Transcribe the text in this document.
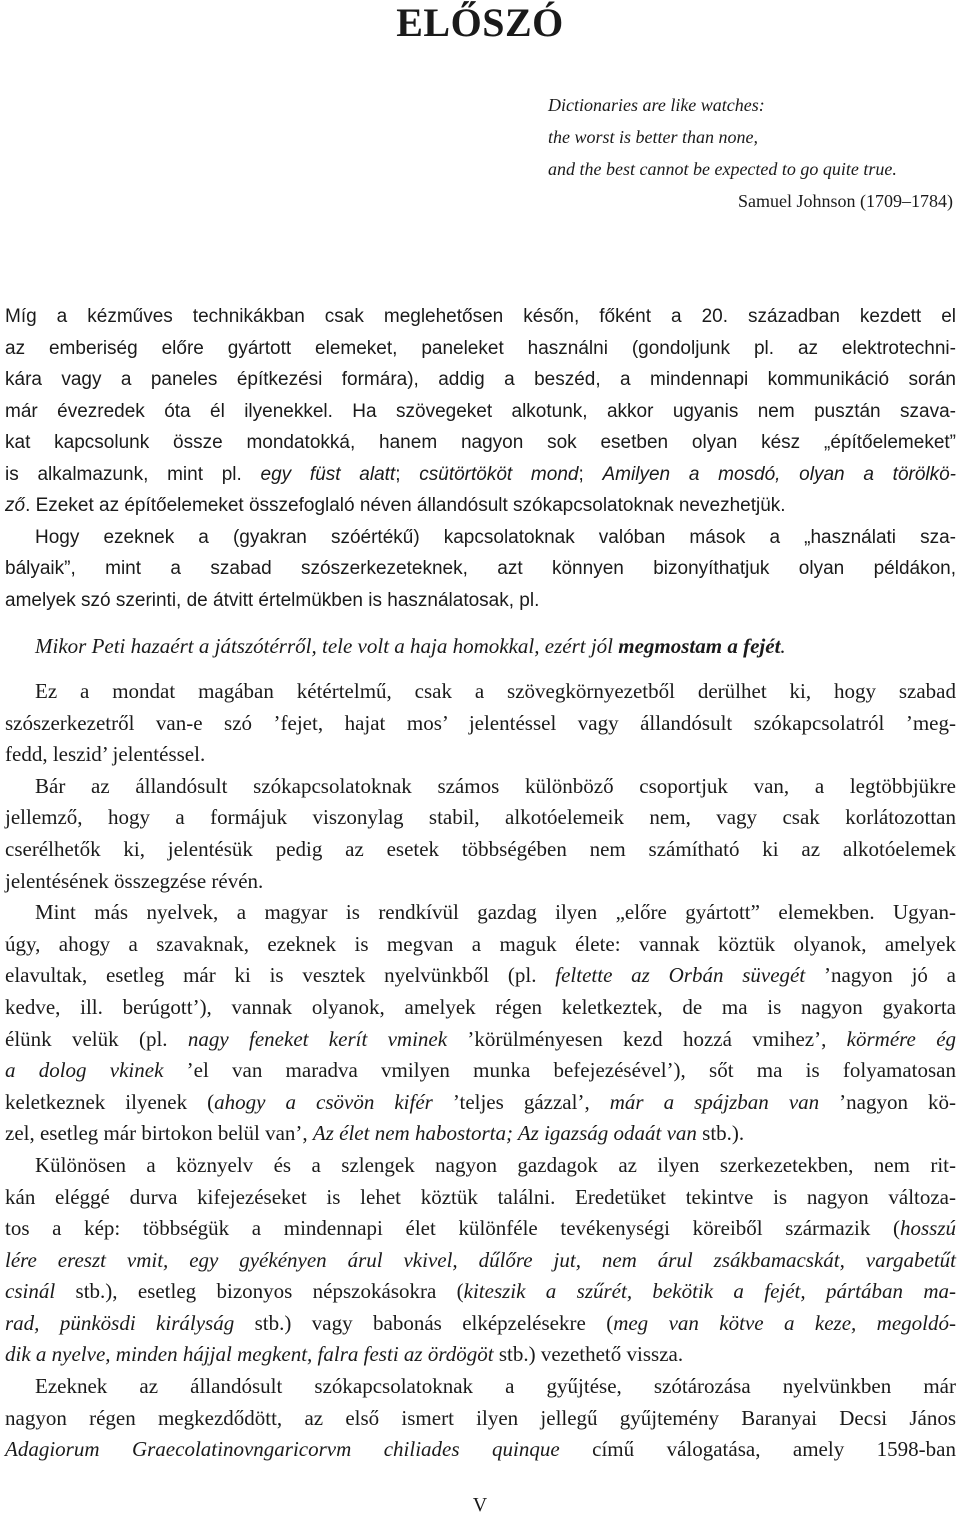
ELŐSZÓ
Dictionaries are like watches:
the worst is better than none,
and the best cannot be expected to go quite true.
Samuel Johnson (1709–1784)

Míg a kézműves technikákban csak meglehetősen későn, főként a 20. században kezdett el

az emberiség előre gyártott elemeket, paneleket használni (gondoljunk pl. az elektrotechni-

kára vagy a paneles építkezési formára), addig a beszéd, a mindennapi kommunikáció során

már évezredek óta él ilyenekkel. Ha szövegeket alkotunk, akkor ugyanis nem pusztán szava-

kat kapcsolunk össze mondatokká, hanem nagyon sok esetben olyan kész „építőelemeket”

is alkalmazunk, mint pl. egy füst alatt; csütörtököt mond; Amilyen a mosdó, olyan a törölkö-

ző. Ezeket az építőelemeket összefoglaló néven állandósult szókapcsolatoknak nevezhetjük.

Hogy ezeknek a (gyakran szóértékű) kapcsolatoknak valóban mások a „használati sza-

bályaik”, mint a szabad szószerkezeteknek, azt könnyen bizonyíthatjuk olyan példákon,

amelyek szó szerinti, de átvitt értelmükben is használatosak, pl.

Mikor Peti hazaért a játszótérről, tele volt a haja homokkal, ezért jól megmostam a fejét.

Ez a mondat magában kétértelmű, csak a szövegkörnyezetből derülhet ki, hogy szabad

szószerkezetről van-e szó ’fejet, hajat mos’ jelentéssel vagy állandósult szókapcsolatról ’meg-

fedd, leszid’ jelentéssel.

Bár az állandósult szókapcsolatoknak számos különböző csoportjuk van, a legtöbbjükre

jellemző, hogy a formájuk viszonylag stabil, alkotóelemeik nem, vagy csak korlátozottan

cserélhetők ki, jelentésük pedig az esetek többségében nem számítható ki az alkotóelemek

jelentésének összegzése révén.

Mint más nyelvek, a magyar is rendkívül gazdag ilyen „előre gyártott” elemekben. Ugyan-

úgy, ahogy a szavaknak, ezeknek is megvan a maguk élete: vannak köztük olyanok, amelyek

elavultak, esetleg már ki is vesztek nyelvünkből (pl. feltette az Orbán süvegét ’nagyon jó a

kedve, ill. berúgott’), vannak olyanok, amelyek régen keletkeztek, de ma is nagyon gyakorta

élünk velük (pl. nagy feneket kerít vminek ’körülményesen kezd hozzá vmihez’, körmére ég

a dolog vkinek ’el van maradva vmilyen munka befejezésével’), sőt ma is folyamatosan

keletkeznek ilyenek (ahogy a csövön kifér ’teljes gázzal’, már a spájzban van ’nagyon kö-

zel, esetleg már birtokon belül van’, Az élet nem habostorta; Az igazság odaát van stb.).

Különösen a köznyelv és a szlengek nagyon gazdagok az ilyen szerkezetekben, nem rit-

kán eléggé durva kifejezéseket is lehet köztük találni. Eredetüket tekintve is nagyon változa-

tos a kép: többségük a mindennapi élet különféle tevékenységi köreiből származik (hosszú

lére ereszt vmit, egy gyékényen árul vkivel, dűlőre jut, nem árul zsákbamacskát, vargabetűt

csinál stb.), esetleg bizonyos népszokásokra (kiteszik a szűrét, bekötik a fejét, pártában ma-

rad, pünkösdi királyság stb.) vagy babonás elképzelésekre (meg van kötve a keze, megoldó-

dik a nyelve, minden hájjal megkent, falra festi az ördögöt stb.) vezethető vissza.

Ezeknek az állandósult szókapcsolatoknak a gyűjtése, szótározása nyelvünkben már

nagyon régen megkezdődött, az első ismert ilyen jellegű gyűjtemény Baranyai Decsi János

Adagiorum Graecolatinovngaricorvm chiliades quinque című válogatása, amely 1598-ban

V
